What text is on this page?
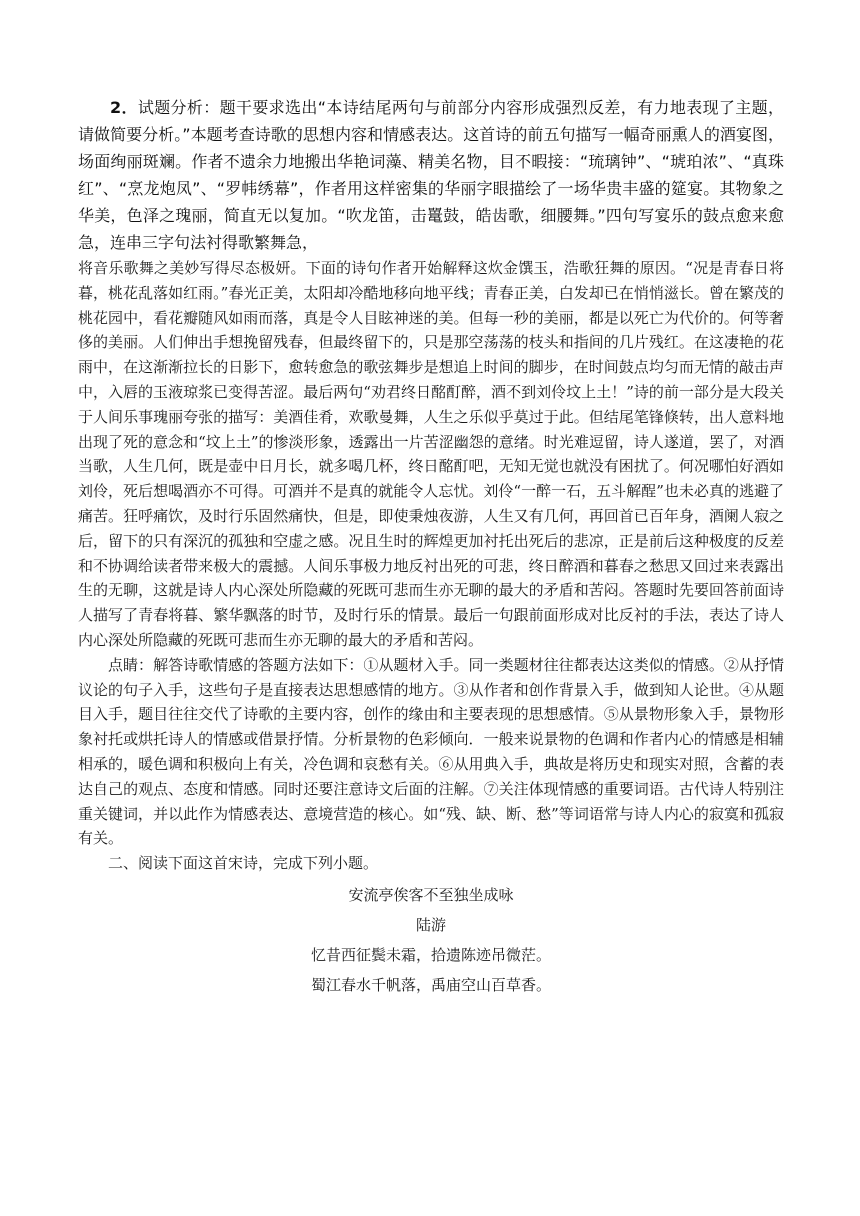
2．试题分析：题干要求选出“本诗结尾两句与前部分内容形成强烈反差，有力地表现了主题，请做简要分析。”本题考查诗歌的思想内容和情感表达。这首诗的前五句描写一幅奇丽熏人的酒宴图，场面绚丽斑斓。作者不遗余力地搬出华艳词藻、精美名物，目不暇接：“琉璃钟”、“琥珀浓”、“真珠红”、“烹龙炮凤”、“罗帏绣幕”，作者用这样密集的华丽字眼描绘了一场华贵丰盛的筵宴。其物象之华美，色泽之瑰丽，简直无以复加。“吹龙笛，击鼍鼓，皓齿歌，细腰舞。”四句写宴乐的鼓点愈来愈急，连串三字句法衬得歌繁舞急，

将音乐歌舞之美妙写得尽态极妍。下面的诗句作者开始解释这炊金馔玉，浩歌狂舞的原因。“况是青春日将暮，桃花乱落如红雨。”春光正美，太阳却冷酷地移向地平线；青春正美，白发却已在悄悄滋长。曾在繁茂的桃花园中，看花瓣随风如雨而落，真是令人目眩神迷的美。但每一秒的美丽，都是以死亡为代价的。何等奢侈的美丽。人们伸出手想挽留残春，但最终留下的，只是那空荡荡的枝头和指间的几片残红。在这凄艳的花雨中，在这渐渐拉长的日影下，愈转愈急的歌弦舞步是想追上时间的脚步，在时间鼓点均匀而无情的敲击声中，入唇的玉液琼浆已变得苦涩。最后两句“劝君终日酩酊醉，酒不到刘伶坟上土！”诗的前一部分是大段关于人间乐事瑰丽夸张的描写：美酒佳肴，欢歌曼舞，人生之乐似乎莫过于此。但结尾笔锋倏转，出人意料地出现了死的意念和“坟上土”的惨淡形象，透露出一片苦涩幽怨的意绪。时光难逗留，诗人遂道，罢了，对酒当歌，人生几何，既是壶中日月长，就多喝几杯，终日酩酊吧，无知无觉也就没有困扰了。何况哪怕好酒如刘伶，死后想喝酒亦不可得。可酒并不是真的就能令人忘忧。刘伶“一醉一石，五斗解酲”也未必真的逃避了痛苦。狂呼痛饮，及时行乐固然痛快，但是，即使秉烛夜游，人生又有几何，再回首已百年身，酒阑人寂之后，留下的只有深沉的孤独和空虚之感。况且生时的辉煌更加衬托出死后的悲凉，正是前后这种极度的反差和不协调给读者带来极大的震撼。人间乐事极力地反衬出死的可悲，终日醉酒和暮春之愁思又回过来表露出生的无聊，这就是诗人内心深处所隐藏的死既可悲而生亦无聊的最大的矛盾和苦闷。答题时先要回答前面诗人描写了青春将暮、繁华飘落的时节，及时行乐的情景。最后一句跟前面形成对比反衬的手法，表达了诗人内心深处所隐藏的死既可悲而生亦无聊的最大的矛盾和苦闷。

点睛：解答诗歌情感的答题方法如下：①从题材入手。同一类题材往往都表达这类似的情感。②从抒情议论的句子入手，这些句子是直接表达思想感情的地方。③从作者和创作背景入手，做到知人论世。④从题目入手，题目往往交代了诗歌的主要内容，创作的缘由和主要表现的思想感情。⑤从景物形象入手，景物形象衬托或烘托诗人的情感或借景抒情。分析景物的色彩倾向．一般来说景物的色调和作者内心的情感是相辅相承的，暖色调和积极向上有关，冷色调和哀愁有关。⑥从用典入手，典故是将历史和现实对照，含蓄的表达自己的观点、态度和情感。同时还要注意诗文后面的注解。⑦关注体现情感的重要词语。古代诗人特别注重关键词，并以此作为情感表达、意境营造的核心。如“残、缺、断、愁”等词语常与诗人内心的寂寞和孤寂有关。

二、阅读下面这首宋诗，完成下列小题。

安流亭俟客不至独坐成咏

陆游

忆昔西征鬓未霜，拾遗陈迹吊微茫。

蜀江春水千帆落，禹庙空山百草香。
